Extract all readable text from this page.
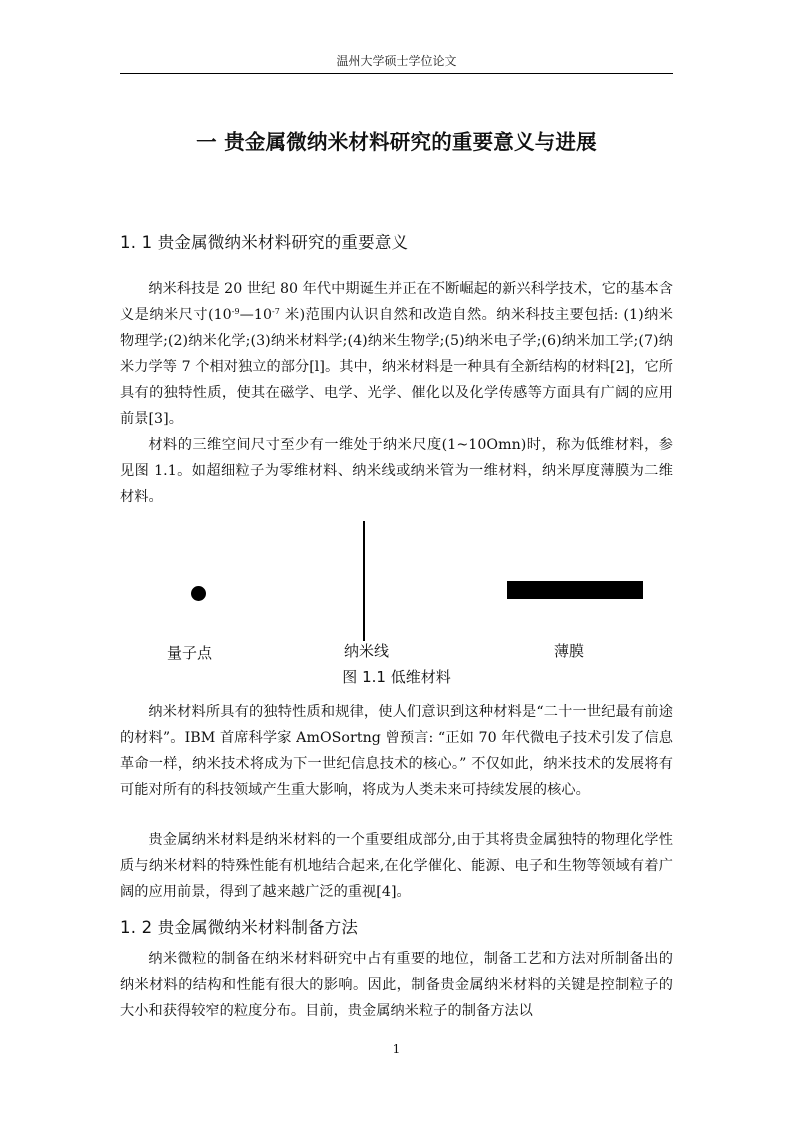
温州大学硕士学位论文
一 贵金属微纳米材料研究的重要意义与进展
1. 1 贵金属微纳米材料研究的重要意义

纳米科技是 20 世纪 80 年代中期诞生并正在不断崛起的新兴科学技术，它的基本含义是纳米尺寸($10^{-9}—10^{-7}$ 米)范围内认识自然和改造自然。纳米科技主要包括: (1)纳米物理学;(2)纳米化学;(3)纳米材料学;(4)纳米生物学;(5)纳米电子学;(6)纳米加工学;(7)纳米力学等 7 个相对独立的部分[l]。其中，纳米材料是一种具有全新结构的材料[2]，它所具有的独特性质，使其在磁学、电学、光学、催化以及化学传感等方面具有广阔的应用前景[3]。

材料的三维空间尺寸至少有一维处于纳米尺度(1~10Omn)时，称为低维材料，参见图 1.1。如超细粒子为零维材料、纳米线或纳米管为一维材料，纳米厚度薄膜为二维材料。

量子点	纳米线	薄膜
图 1.1 低维材料

纳米材料所具有的独特性质和规律，使人们意识到这种材料是“二十一世纪最有前途的材料”。IBM 首席科学家 AmOSortng 曾预言: “正如 70 年代微电子技术引发了信息革命一样，纳米技术将成为下一世纪信息技术的核心。” 不仅如此，纳米技术的发展将有可能对所有的科技领域产生重大影响，将成为人类未来可持续发展的核心。

贵金属纳米材料是纳米材料的一个重要组成部分,由于其将贵金属独特的物理化学性质与纳米材料的特殊性能有机地结合起来,在化学催化、能源、电子和生物等领域有着广阔的应用前景，得到了越来越广泛的重视[4]。

1. 2 贵金属微纳米材料制备方法

纳米微粒的制备在纳米材料研究中占有重要的地位，制备工艺和方法对所制备出的纳米材料的结构和性能有很大的影响。因此，制备贵金属纳米材料的关键是控制粒子的大小和获得较窄的粒度分布。目前，贵金属纳米粒子的制备方法以

1
